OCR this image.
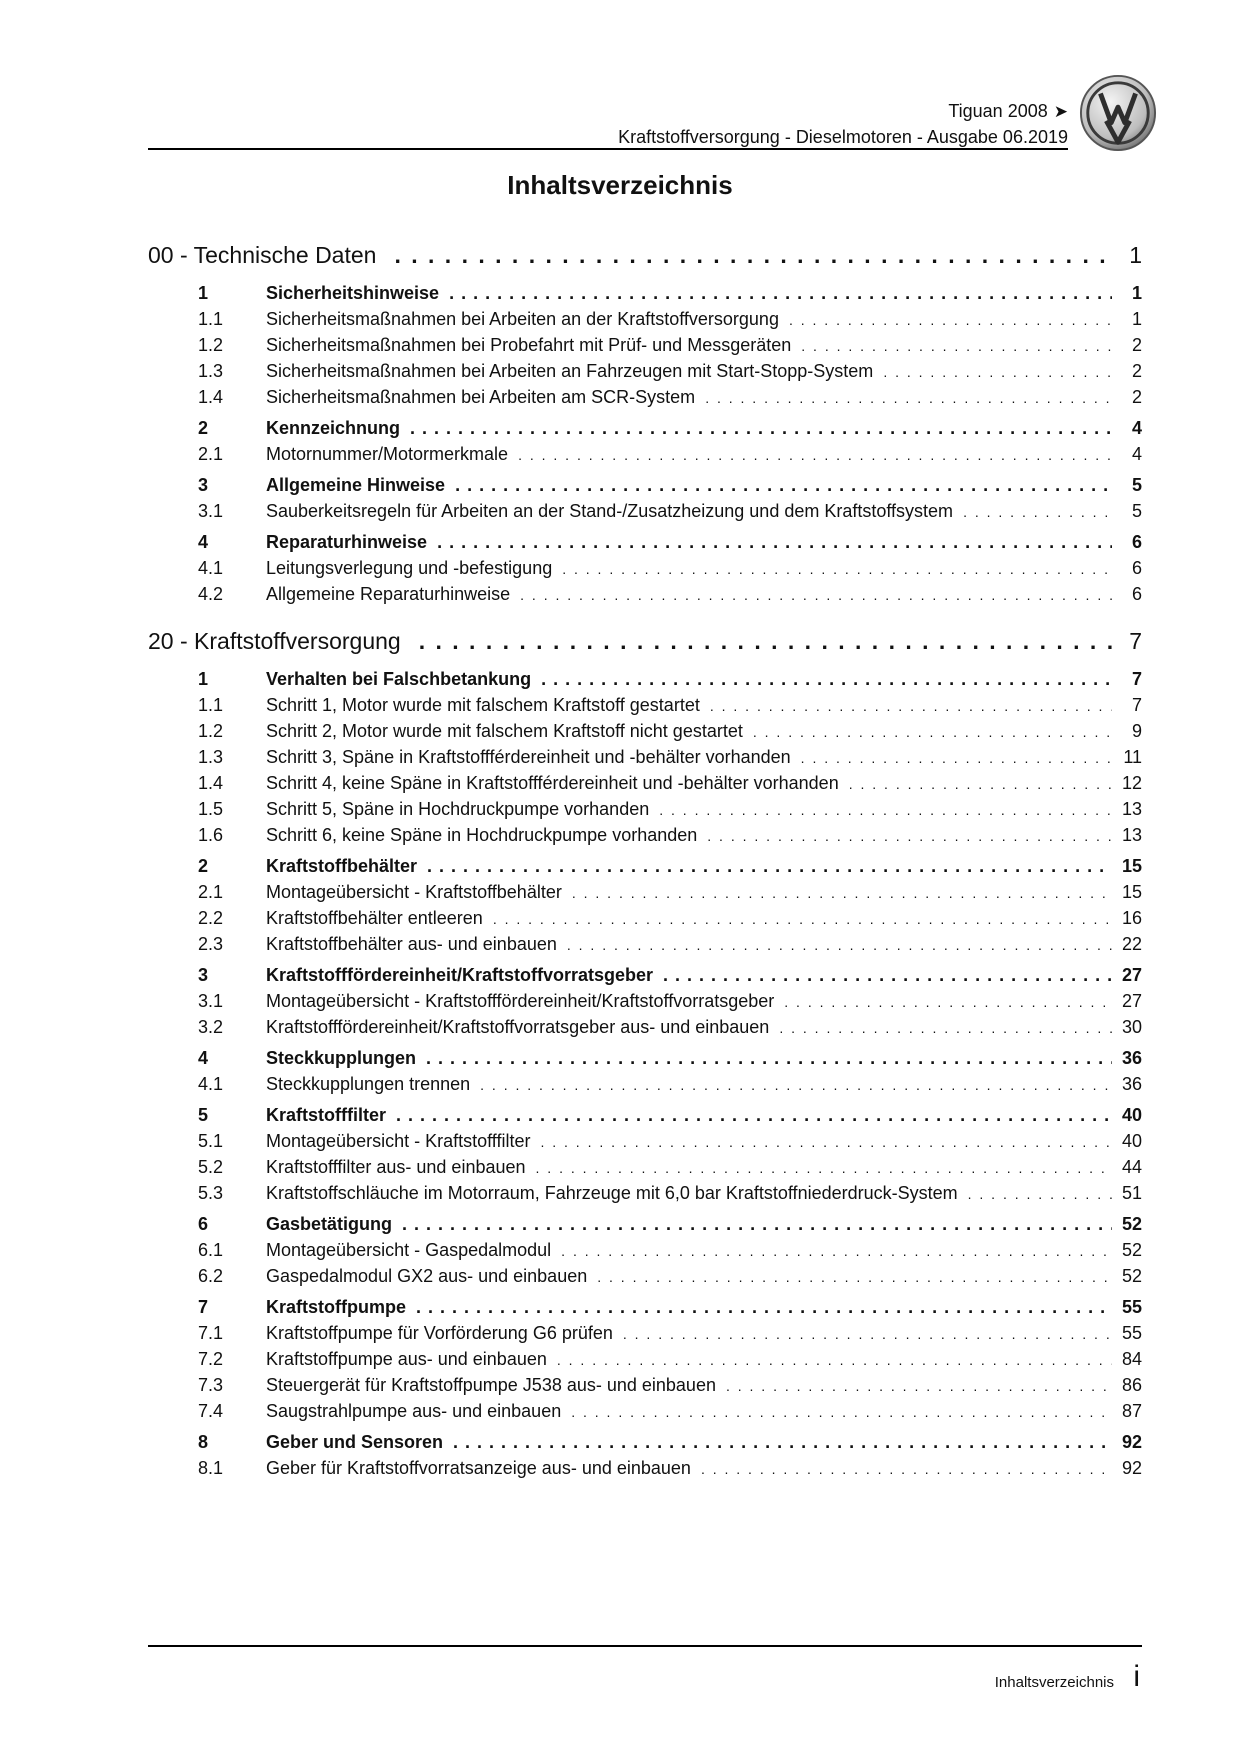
Tiguan 2008 ➤
Kraftstoffversorgung - Dieselmotoren - Ausgabe 06.2019
Inhaltsverzeichnis
00 - Technische Daten . . .	1
1	Sicherheitshinweise . . .	1
1.1	Sicherheitsmaßnahmen bei Arbeiten an der Kraftstoffversorgung . . .	1
1.2	Sicherheitsmaßnahmen bei Probefahrt mit Prüf- und Messgeräten . . .	2
1.3	Sicherheitsmaßnahmen bei Arbeiten an Fahrzeugen mit Start-Stopp-System . . .	2
1.4	Sicherheitsmaßnahmen bei Arbeiten am SCR-System . . .	2
2	Kennzeichnung . . .	4
2.1	Motornummer/Motormerkmale . . .	4
3	Allgemeine Hinweise . . .	5
3.1	Sauberkeitsregeln für Arbeiten an der Stand-/Zusatzheizung und dem Kraftstoffsystem . . .	5
4	Reparaturhinweise . . .	6
4.1	Leitungsverlegung und -befestigung . . .	6
4.2	Allgemeine Reparaturhinweise . . .	6
20 - Kraftstoffversorgung . . .	7
1	Verhalten bei Falschbetankung . . .	7
1.1	Schritt 1, Motor wurde mit falschem Kraftstoff gestartet . . .	7
1.2	Schritt 2, Motor wurde mit falschem Kraftstoff nicht gestartet . . .	9
1.3	Schritt 3, Späne in Kraftstoffférdereinheit und -behälter vorhanden . . .	11
1.4	Schritt 4, keine Späne in Kraftstoffférdereinheit und -behälter vorhanden . . .	12
1.5	Schritt 5, Späne in Hochdruckpumpe vorhanden . . .	13
1.6	Schritt 6, keine Späne in Hochdruckpumpe vorhanden . . .	13
2	Kraftstoffbehälter . . .	15
2.1	Montageübersicht - Kraftstoffbehälter . . .	15
2.2	Kraftstoffbehälter entleeren . . .	16
2.3	Kraftstoffbehälter aus- und einbauen . . .	22
3	Kraftstofffördereinheit/Kraftstoffvorratsgeber . . .	27
3.1	Montageübersicht - Kraftstofffördereinheit/Kraftstoffvorratsgeber . . .	27
3.2	Kraftstofffördereinheit/Kraftstoffvorratsgeber aus- und einbauen . . .	30
4	Steckkupplungen . . .	36
4.1	Steckkupplungen trennen . . .	36
5	Kraftstofffilter . . .	40
5.1	Montageübersicht - Kraftstofffilter . . .	40
5.2	Kraftstofffilter aus- und einbauen . . .	44
5.3	Kraftstoffschläuche im Motorraum, Fahrzeuge mit 6,0 bar Kraftstoffniederdruck-System . . .	51
6	Gasbetätigung . . .	52
6.1	Montageübersicht - Gaspedalmodul . . .	52
6.2	Gaspedalmodul GX2 aus- und einbauen . . .	52
7	Kraftstoffpumpe . . .	55
7.1	Kraftstoffpumpe für Vorförderung G6 prüfen . . .	55
7.2	Kraftstoffpumpe aus- und einbauen . . .	84
7.3	Steuergerät für Kraftstoffpumpe J538 aus- und einbauen . . .	86
7.4	Saugstrahlpumpe aus- und einbauen . . .	87
8	Geber und Sensoren . . .	92
8.1	Geber für Kraftstoffvorratsanzeige aus- und einbauen . . .	92
Inhaltsverzeichnis i
